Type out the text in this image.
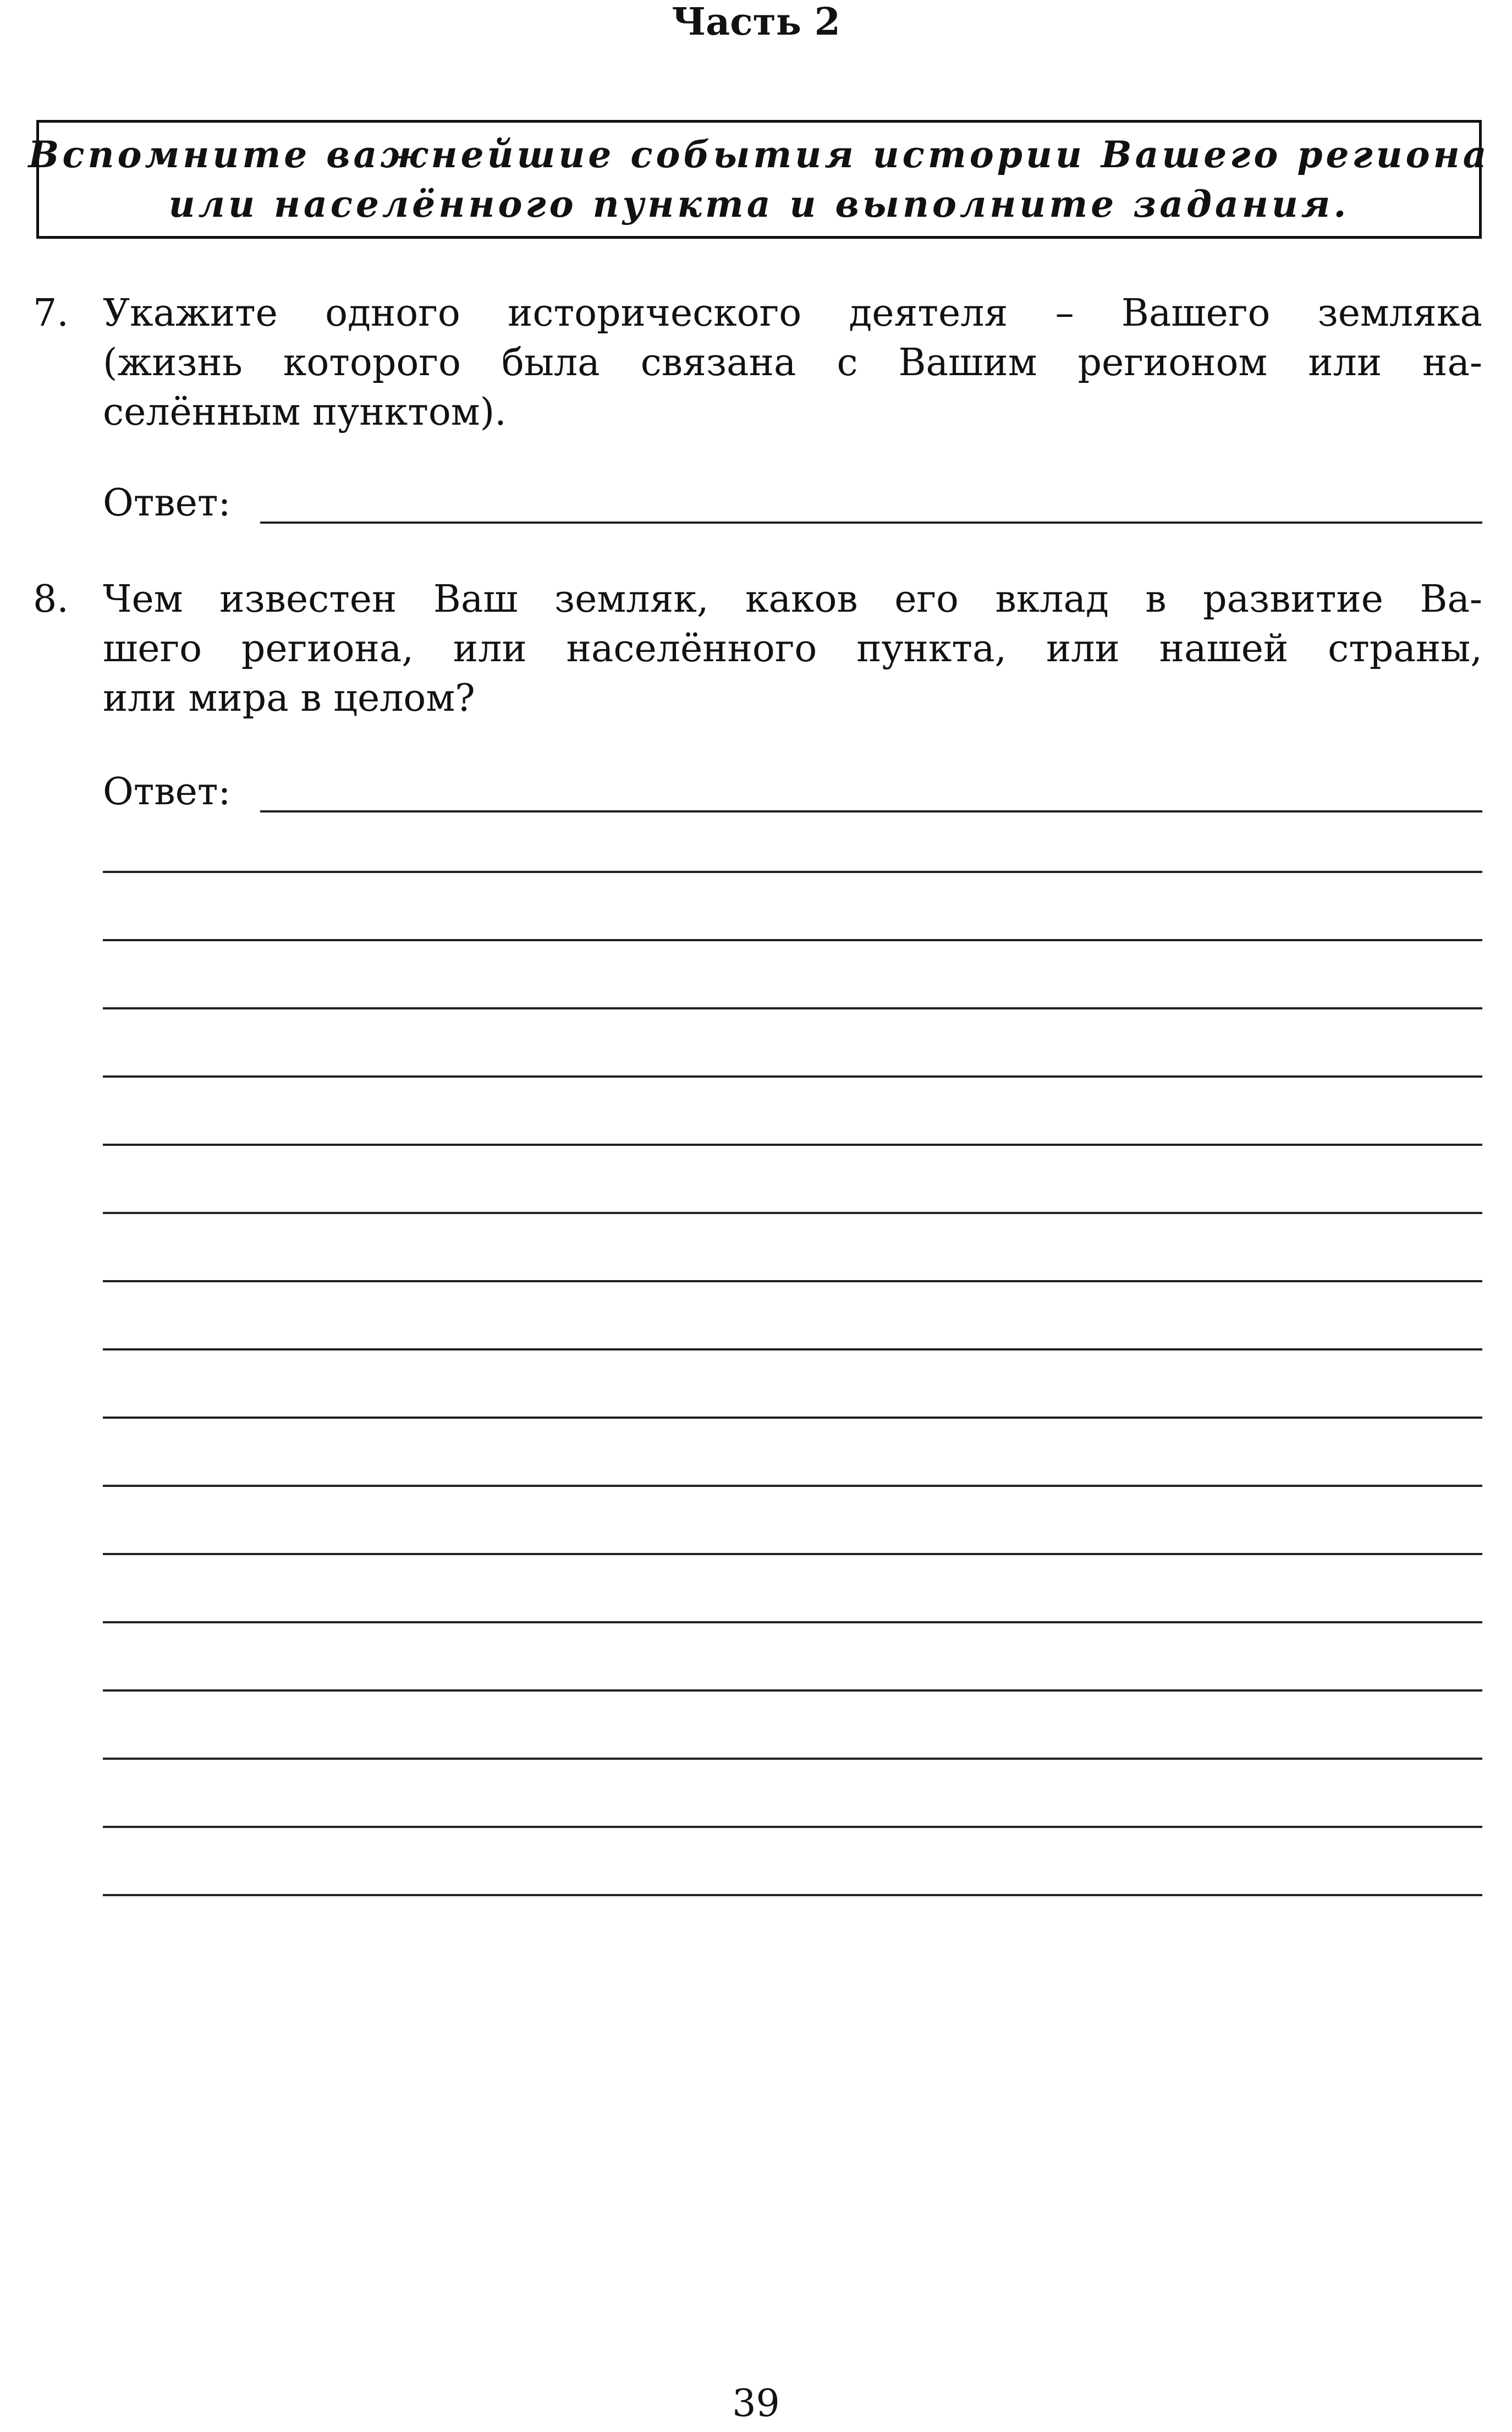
Часть 2
Вспомните важнейшие события истории Вашего региона
или населённого пункта и выполните задания.
7. Укажите одного исторического деятеля – Вашего земляка
(жизнь которого была связана с Вашим регионом или на-
селённым пунктом).
Ответ:
8. Чем известен Ваш земляк, каков его вклад в развитие Ва-
шего региона, или населённого пункта, или нашей страны,
или мира в целом?
Ответ:
39
